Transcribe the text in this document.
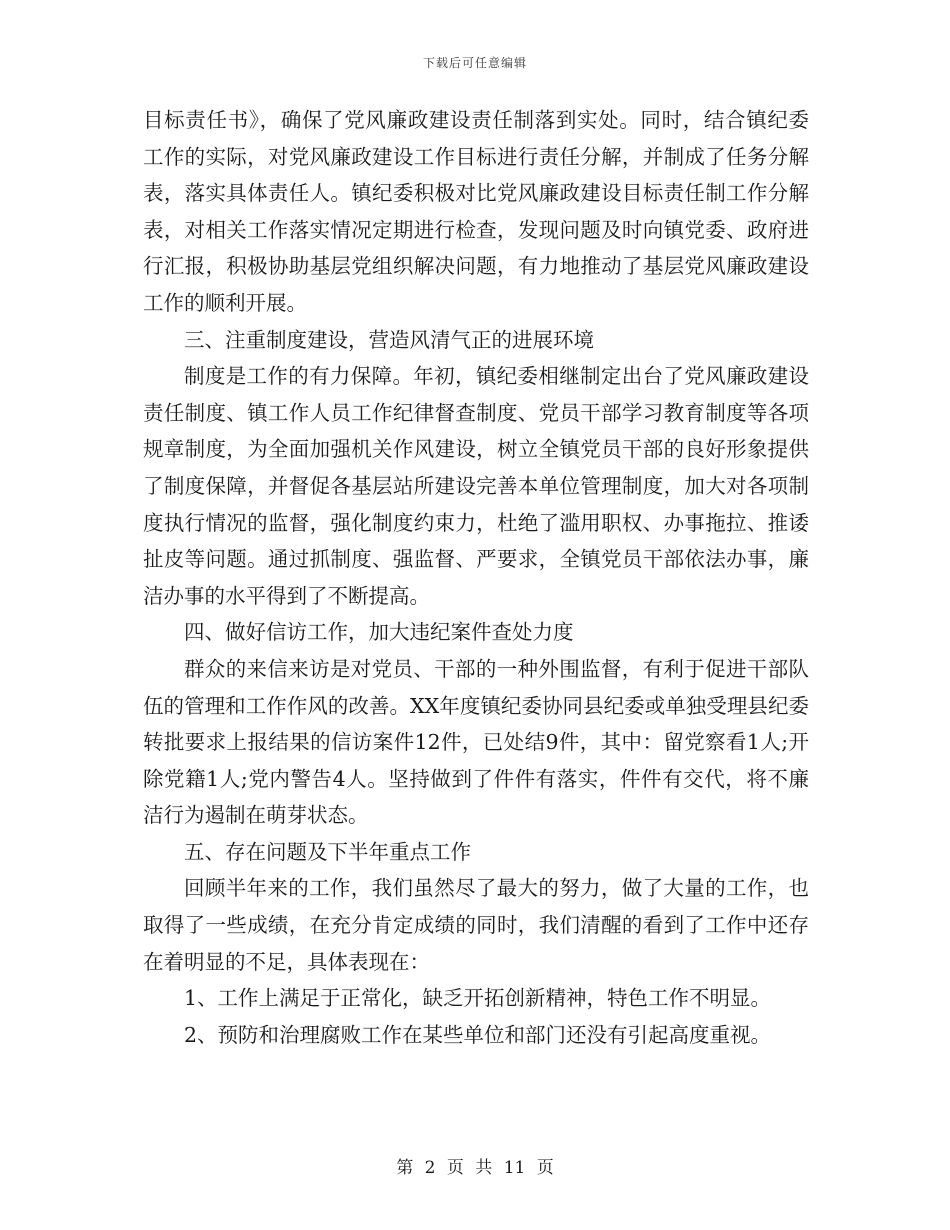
下载后可任意编辑

目标责任书》，确保了党风廉政建设责任制落到实处。同时，结合镇纪委工作的实际，对党风廉政建设工作目标进行责任分解，并制成了任务分解表，落实具体责任人。镇纪委积极对比党风廉政建设目标责任制工作分解表，对相关工作落实情况定期进行检查，发现问题及时向镇党委、政府进行汇报，积极协助基层党组织解决问题，有力地推动了基层党风廉政建设工作的顺利开展。

三、注重制度建设，营造风清气正的进展环境

制度是工作的有力保障。年初，镇纪委相继制定出台了党风廉政建设责任制度、镇工作人员工作纪律督查制度、党员干部学习教育制度等各项规章制度，为全面加强机关作风建设，树立全镇党员干部的良好形象提供了制度保障，并督促各基层站所建设完善本单位管理制度，加大对各项制度执行情况的监督，强化制度约束力，杜绝了滥用职权、办事拖拉、推诿扯皮等问题。通过抓制度、强监督、严要求，全镇党员干部依法办事，廉洁办事的水平得到了不断提高。

四、做好信访工作，加大违纪案件查处力度

群众的来信来访是对党员、干部的一种外围监督，有利于促进干部队伍的管理和工作作风的改善。XX年度镇纪委协同县纪委或单独受理县纪委转批要求上报结果的信访案件12件，已处结9件，其中：留党察看1人;开除党籍1人;党内警告4人。坚持做到了件件有落实，件件有交代，将不廉洁行为遏制在萌芽状态。

五、存在问题及下半年重点工作

回顾半年来的工作，我们虽然尽了最大的努力，做了大量的工作，也取得了一些成绩，在充分肯定成绩的同时，我们清醒的看到了工作中还存在着明显的不足，具体表现在：

1、工作上满足于正常化，缺乏开拓创新精神，特色工作不明显。

2、预防和治理腐败工作在某些单位和部门还没有引起高度重视。

第 2 页 共 11 页
